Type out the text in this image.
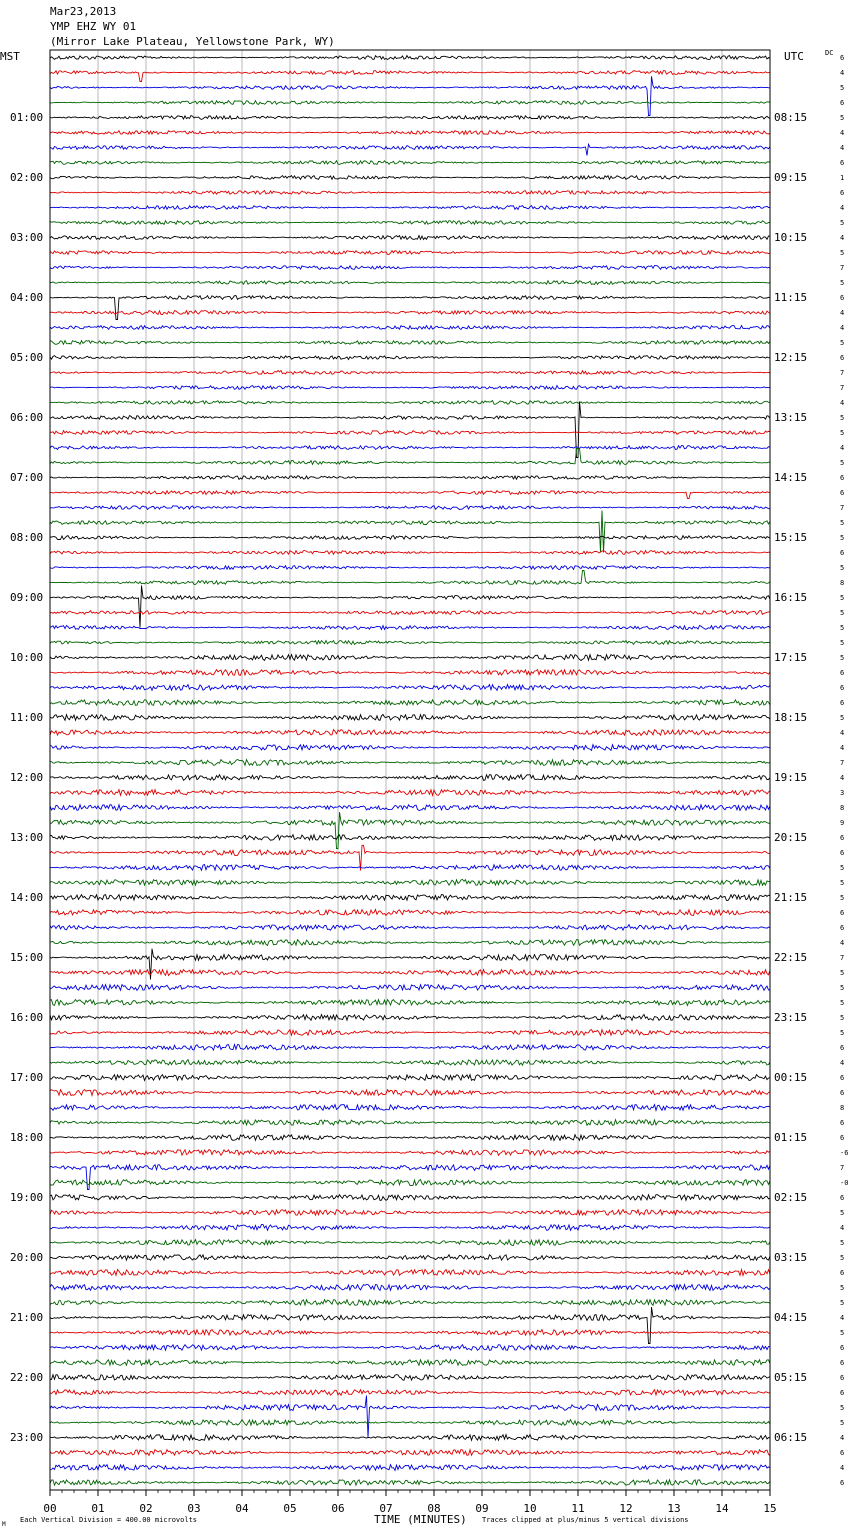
Mar23,2013
YMP EHZ WY 01
(Mirror Lake Plateau, Yellowstone Park, WY)
MST	UTC	DC
01:00
02:00
03:00
04:00
05:00
06:00
07:00
08:00
09:00
10:00
11:00
12:00
13:00
14:00
15:00
16:00
17:00
18:00
19:00
20:00
21:00
22:00
23:00
08:15
09:15
10:15
11:15
12:15
13:15
14:15
15:15
16:15
17:15
18:15
19:15
20:15
21:15
22:15
23:15
00:15
01:15
02:15
03:15
04:15
05:15
06:15
6
4
5
6
5
4
4
6
1
6
4
5
4
5
7
5
6
4
4
5
6
7
7
4
5
5
4
5
6
6
7
5
5
6
5
8
5
5
5
5
5
6
6
6
5
4
4
7
4
3
8
9
6
6
5
5
5
6
6
4
7
5
5
5
5
5
6
4
6
6
8
6
6
-6
7
-0
6
5
4
5
5
6
5
5
4
5
6
6
6
6
5
5
4
6
4
6
00	01	02	03	04	05	06	07	08	09	10	11	12	13	14	15
TIME (MINUTES)
Each Vertical Division = 400.00 microvolts	Traces clipped at plus/minus 5 vertical divisions
M
